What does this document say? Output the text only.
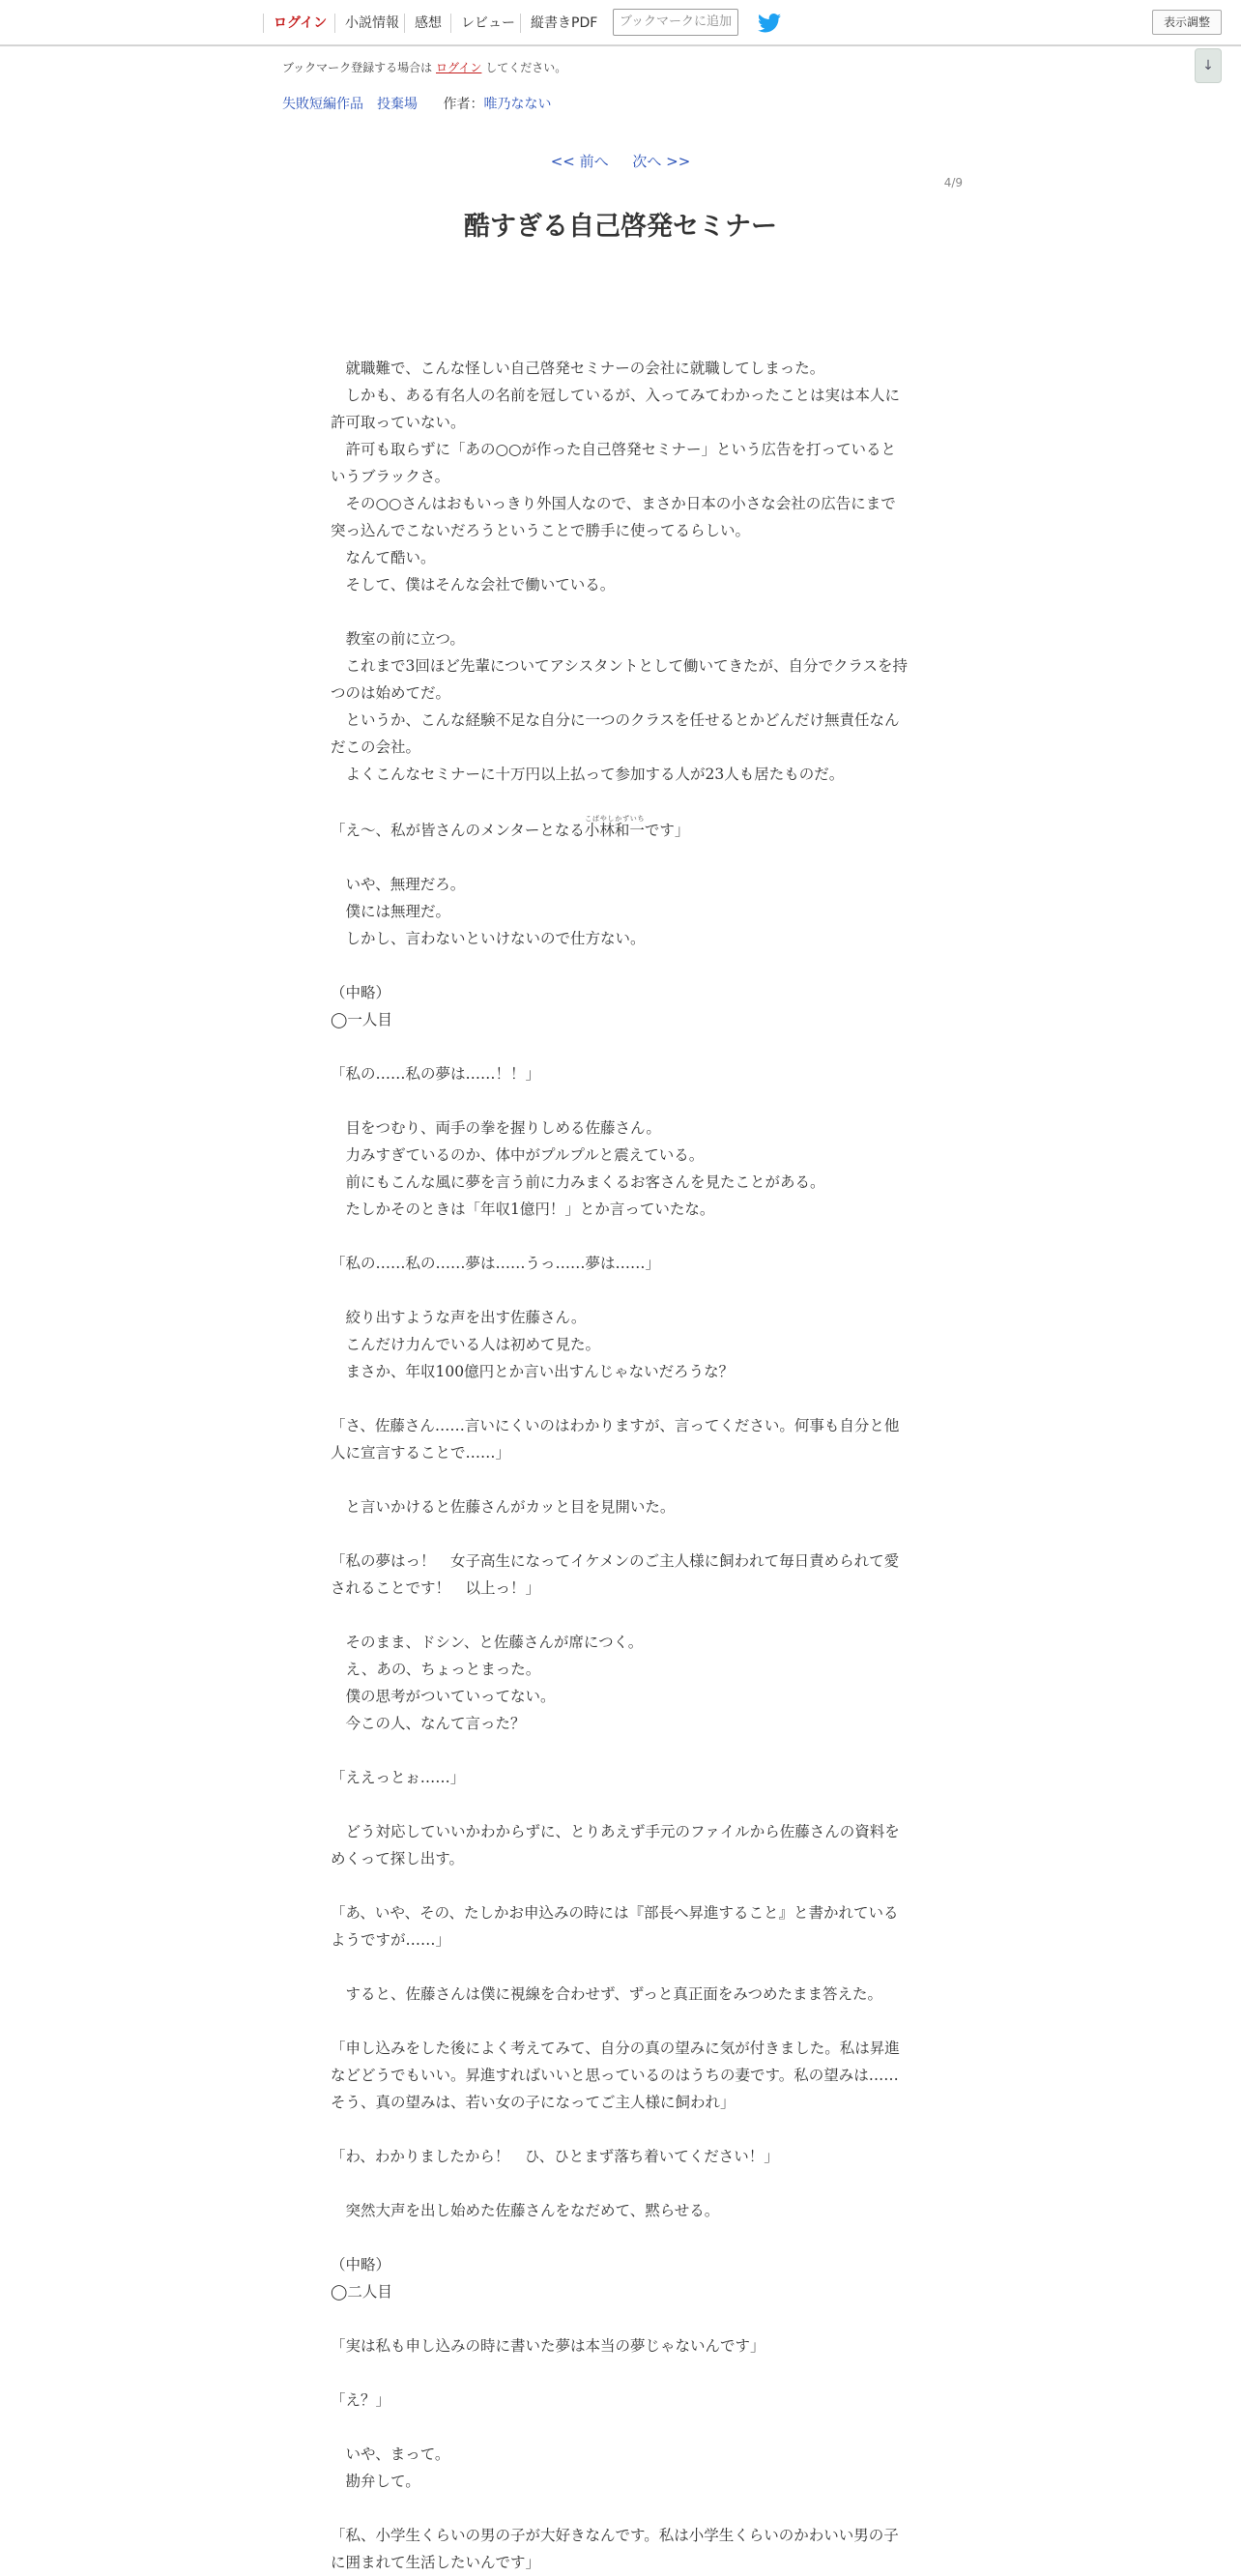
ログイン	小説情報	感想	レビュー	縦書きPDF	ブックマークに追加	表示調整
↓
ブックマーク登録する場合は ログイン してください。
失敗短編作品　投棄場 作者：唯乃なない
<< 前へ 次へ >>
4/9
酷すぎる自己啓発セミナー
　就職難で、こんな怪しい自己啓発セミナーの会社に就職してしまった。
　しかも、ある有名人の名前を冠しているが、入ってみてわかったことは実は本人に許可取っていない。
　許可も取らずに「あの○○が作った自己啓発セミナー」という広告を打っているというブラックさ。
　その○○さんはおもいっきり外国人なので、まさか日本の小さな会社の広告にまで突っ込んでこないだろうということで勝手に使ってるらしい。
　なんて酷い。
　そして、僕はそんな会社で働いている。
　教室の前に立つ。
　これまで3回ほど先輩についてアシスタントとして働いてきたが、自分でクラスを持つのは始めてだ。
　というか、こんな経験不足な自分に一つのクラスを任せるとかどんだけ無責任なんだこの会社。
　よくこんなセミナーに十万円以上払って参加する人が23人も居たものだ。
「え～、私が皆さんのメンターとなる小林こばやし和一かずいちです」
　いや、無理だろ。
　僕には無理だ。
　しかし、言わないといけないので仕方ない。
（中略）
◯一人目
「私の……私の夢は……！！」
　目をつむり、両手の拳を握りしめる佐藤さん。
　力みすぎているのか、体中がプルプルと震えている。
　前にもこんな風に夢を言う前に力みまくるお客さんを見たことがある。
　たしかそのときは「年収1億円！」とか言っていたな。
「私の……私の……夢は……うっ……夢は……」
　絞り出すような声を出す佐藤さん。
　こんだけ力んでいる人は初めて見た。
　まさか、年収100億円とか言い出すんじゃないだろうな？
「さ、佐藤さん……言いにくいのはわかりますが、言ってください。何事も自分と他人に宣言することで……」
　と言いかけると佐藤さんがカッと目を見開いた。
「私の夢はっ！　女子高生になってイケメンのご主人様に飼われて毎日責められて愛されることです！　以上っ！」
　そのまま、ドシン、と佐藤さんが席につく。
　え、あの、ちょっとまった。
　僕の思考がついていってない。
　今この人、なんて言った？
「ええっとぉ……」
　どう対応していいかわからずに、とりあえず手元のファイルから佐藤さんの資料をめくって探し出す。
「あ、いや、その、たしかお申込みの時には『部長へ昇進すること』と書かれているようですが……」
　すると、佐藤さんは僕に視線を合わせず、ずっと真正面をみつめたまま答えた。
「申し込みをした後によく考えてみて、自分の真の望みに気が付きました。私は昇進などどうでもいい。昇進すればいいと思っているのはうちの妻です。私の望みは……そう、真の望みは、若い女の子になってご主人様に飼われ」
「わ、わかりましたから！　ひ、ひとまず落ち着いてください！」
　突然大声を出し始めた佐藤さんをなだめて、黙らせる。
（中略）
◯二人目
「実は私も申し込みの時に書いた夢は本当の夢じゃないんです」
「え？」
　いや、まって。
　勘弁して。
「私、小学生くらいの男の子が大好きなんです。私は小学生くらいのかわいい男の子に囲まれて生活したいんです」
